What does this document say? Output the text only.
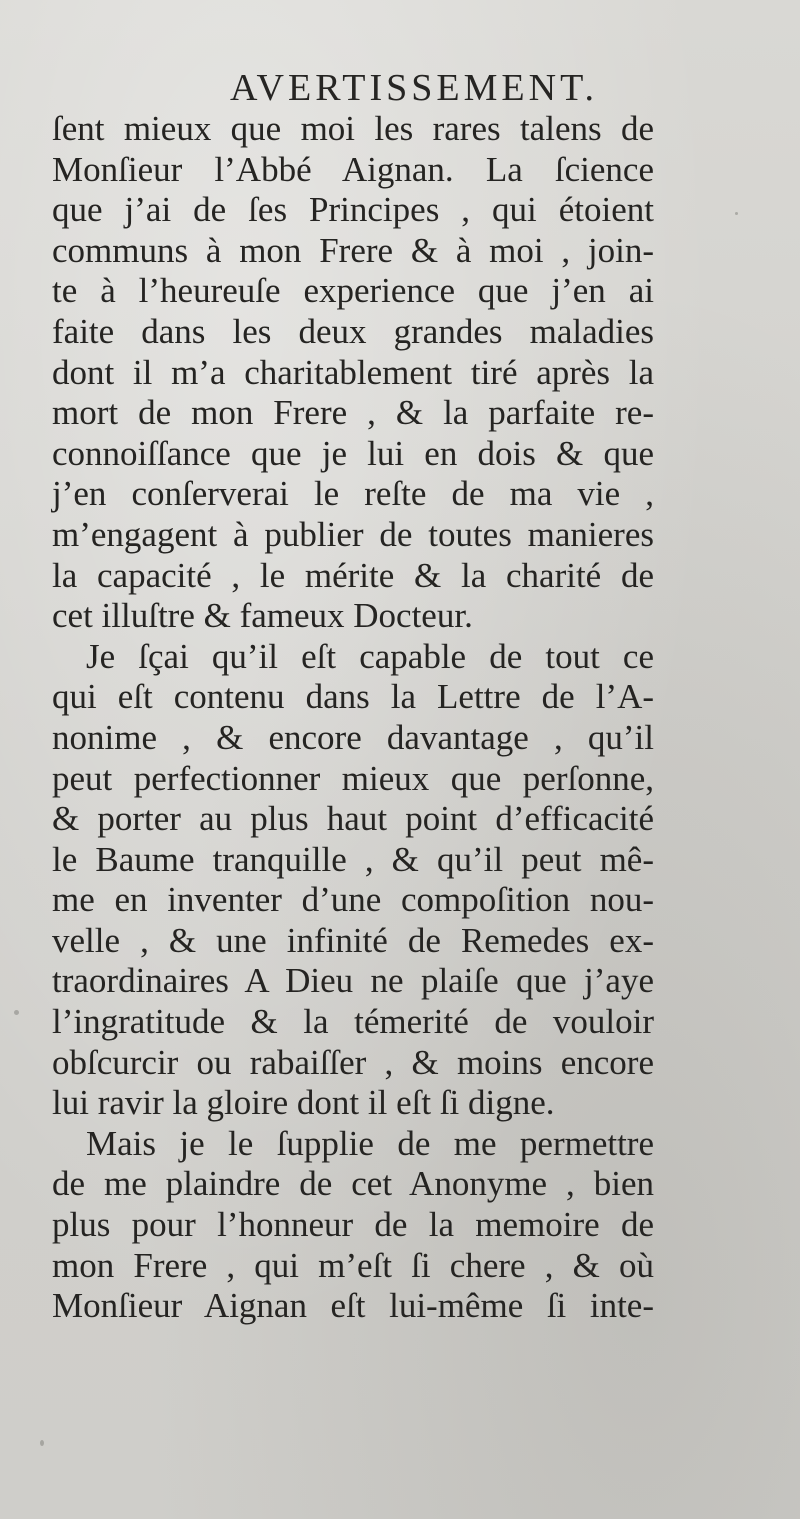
AVERTISSEMENT.
ſent mieux que moi les rares talens de
Monſieur l’Abbé Aignan. La ſcience
que j’ai de ſes Principes , qui étoient
communs à mon Frere & à moi , join-
te à l’heureuſe experience que j’en ai
faite dans les deux grandes maladies
dont il m’a charitablement tiré après la
mort de mon Frere , & la parfaite re-
connoiſſance que je lui en dois & que
j’en conſerverai le reſte de ma vie ,
m’engagent à publier de toutes manieres
la capacité , le mérite & la charité de
cet illuſtre & fameux Docteur.
Je ſçai qu’il eſt capable de tout ce
qui eſt contenu dans la Lettre de l’A-
nonime , & encore davantage , qu’il
peut perfectionner mieux que perſonne,
& porter au plus haut point d’efficacité
le Baume tranquille , & qu’il peut mê-
me en inventer d’une compoſition nou-
velle , & une infinité de Remedes ex-
traordinaires A Dieu ne plaiſe que j’aye
l’ingratitude & la témerité de vouloir
obſcurcir ou rabaiſſer , & moins encore
lui ravir la gloire dont il eſt ſi digne.
Mais je le ſupplie de me permettre
de me plaindre de cet Anonyme , bien
plus pour l’honneur de la memoire de
mon Frere , qui m’eſt ſi chere , & où
Monſieur Aignan eſt lui-même ſi inte-
